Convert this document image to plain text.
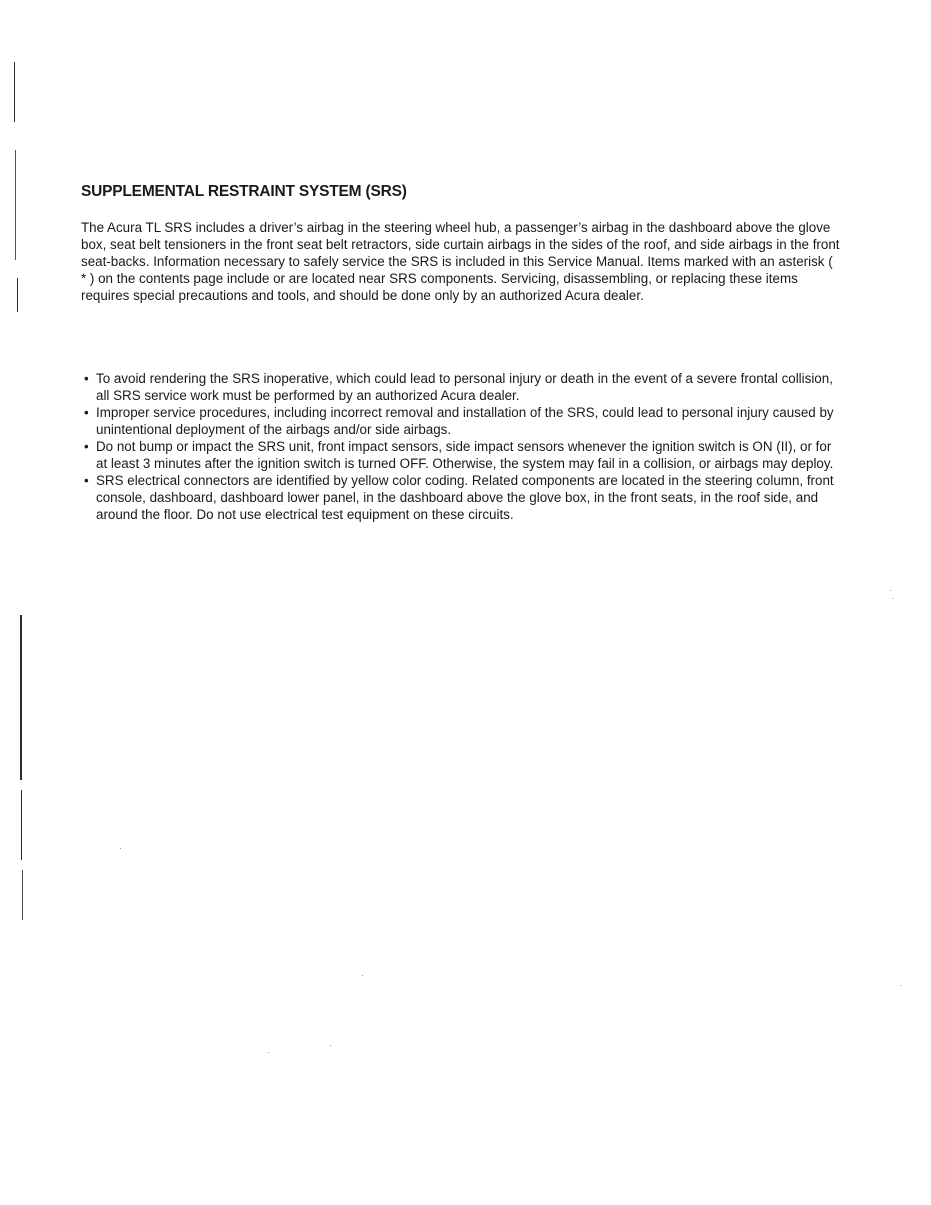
SUPPLEMENTAL RESTRAINT SYSTEM (SRS)

The Acura TL SRS includes a driver’s airbag in the steering wheel hub, a passenger’s airbag in the dashboard above the glove box, seat belt tensioners in the front seat belt retractors, side curtain airbags in the sides of the roof, and side airbags in the front seat-backs. Information necessary to safely service the SRS is included in this Service Manual. Items marked with an asterisk ( * ) on the contents page include or are located near SRS components. Servicing, disassembling, or replacing these items requires special precautions and tools, and should be done only by an authorized Acura dealer.

• To avoid rendering the SRS inoperative, which could lead to personal injury or death in the event of a severe frontal collision, all SRS service work must be performed by an authorized Acura dealer.
• Improper service procedures, including incorrect removal and installation of the SRS, could lead to personal injury caused by unintentional deployment of the airbags and/or side airbags.
• Do not bump or impact the SRS unit, front impact sensors, side impact sensors whenever the ignition switch is ON (II), or for at least 3 minutes after the ignition switch is turned OFF. Otherwise, the system may fail in a collision, or airbags may deploy.
• SRS electrical connectors are identified by yellow color coding. Related components are located in the steering column, front console, dashboard, dashboard lower panel, in the dashboard above the glove box, in the front seats, in the roof side, and around the floor. Do not use electrical test equipment on these circuits.
